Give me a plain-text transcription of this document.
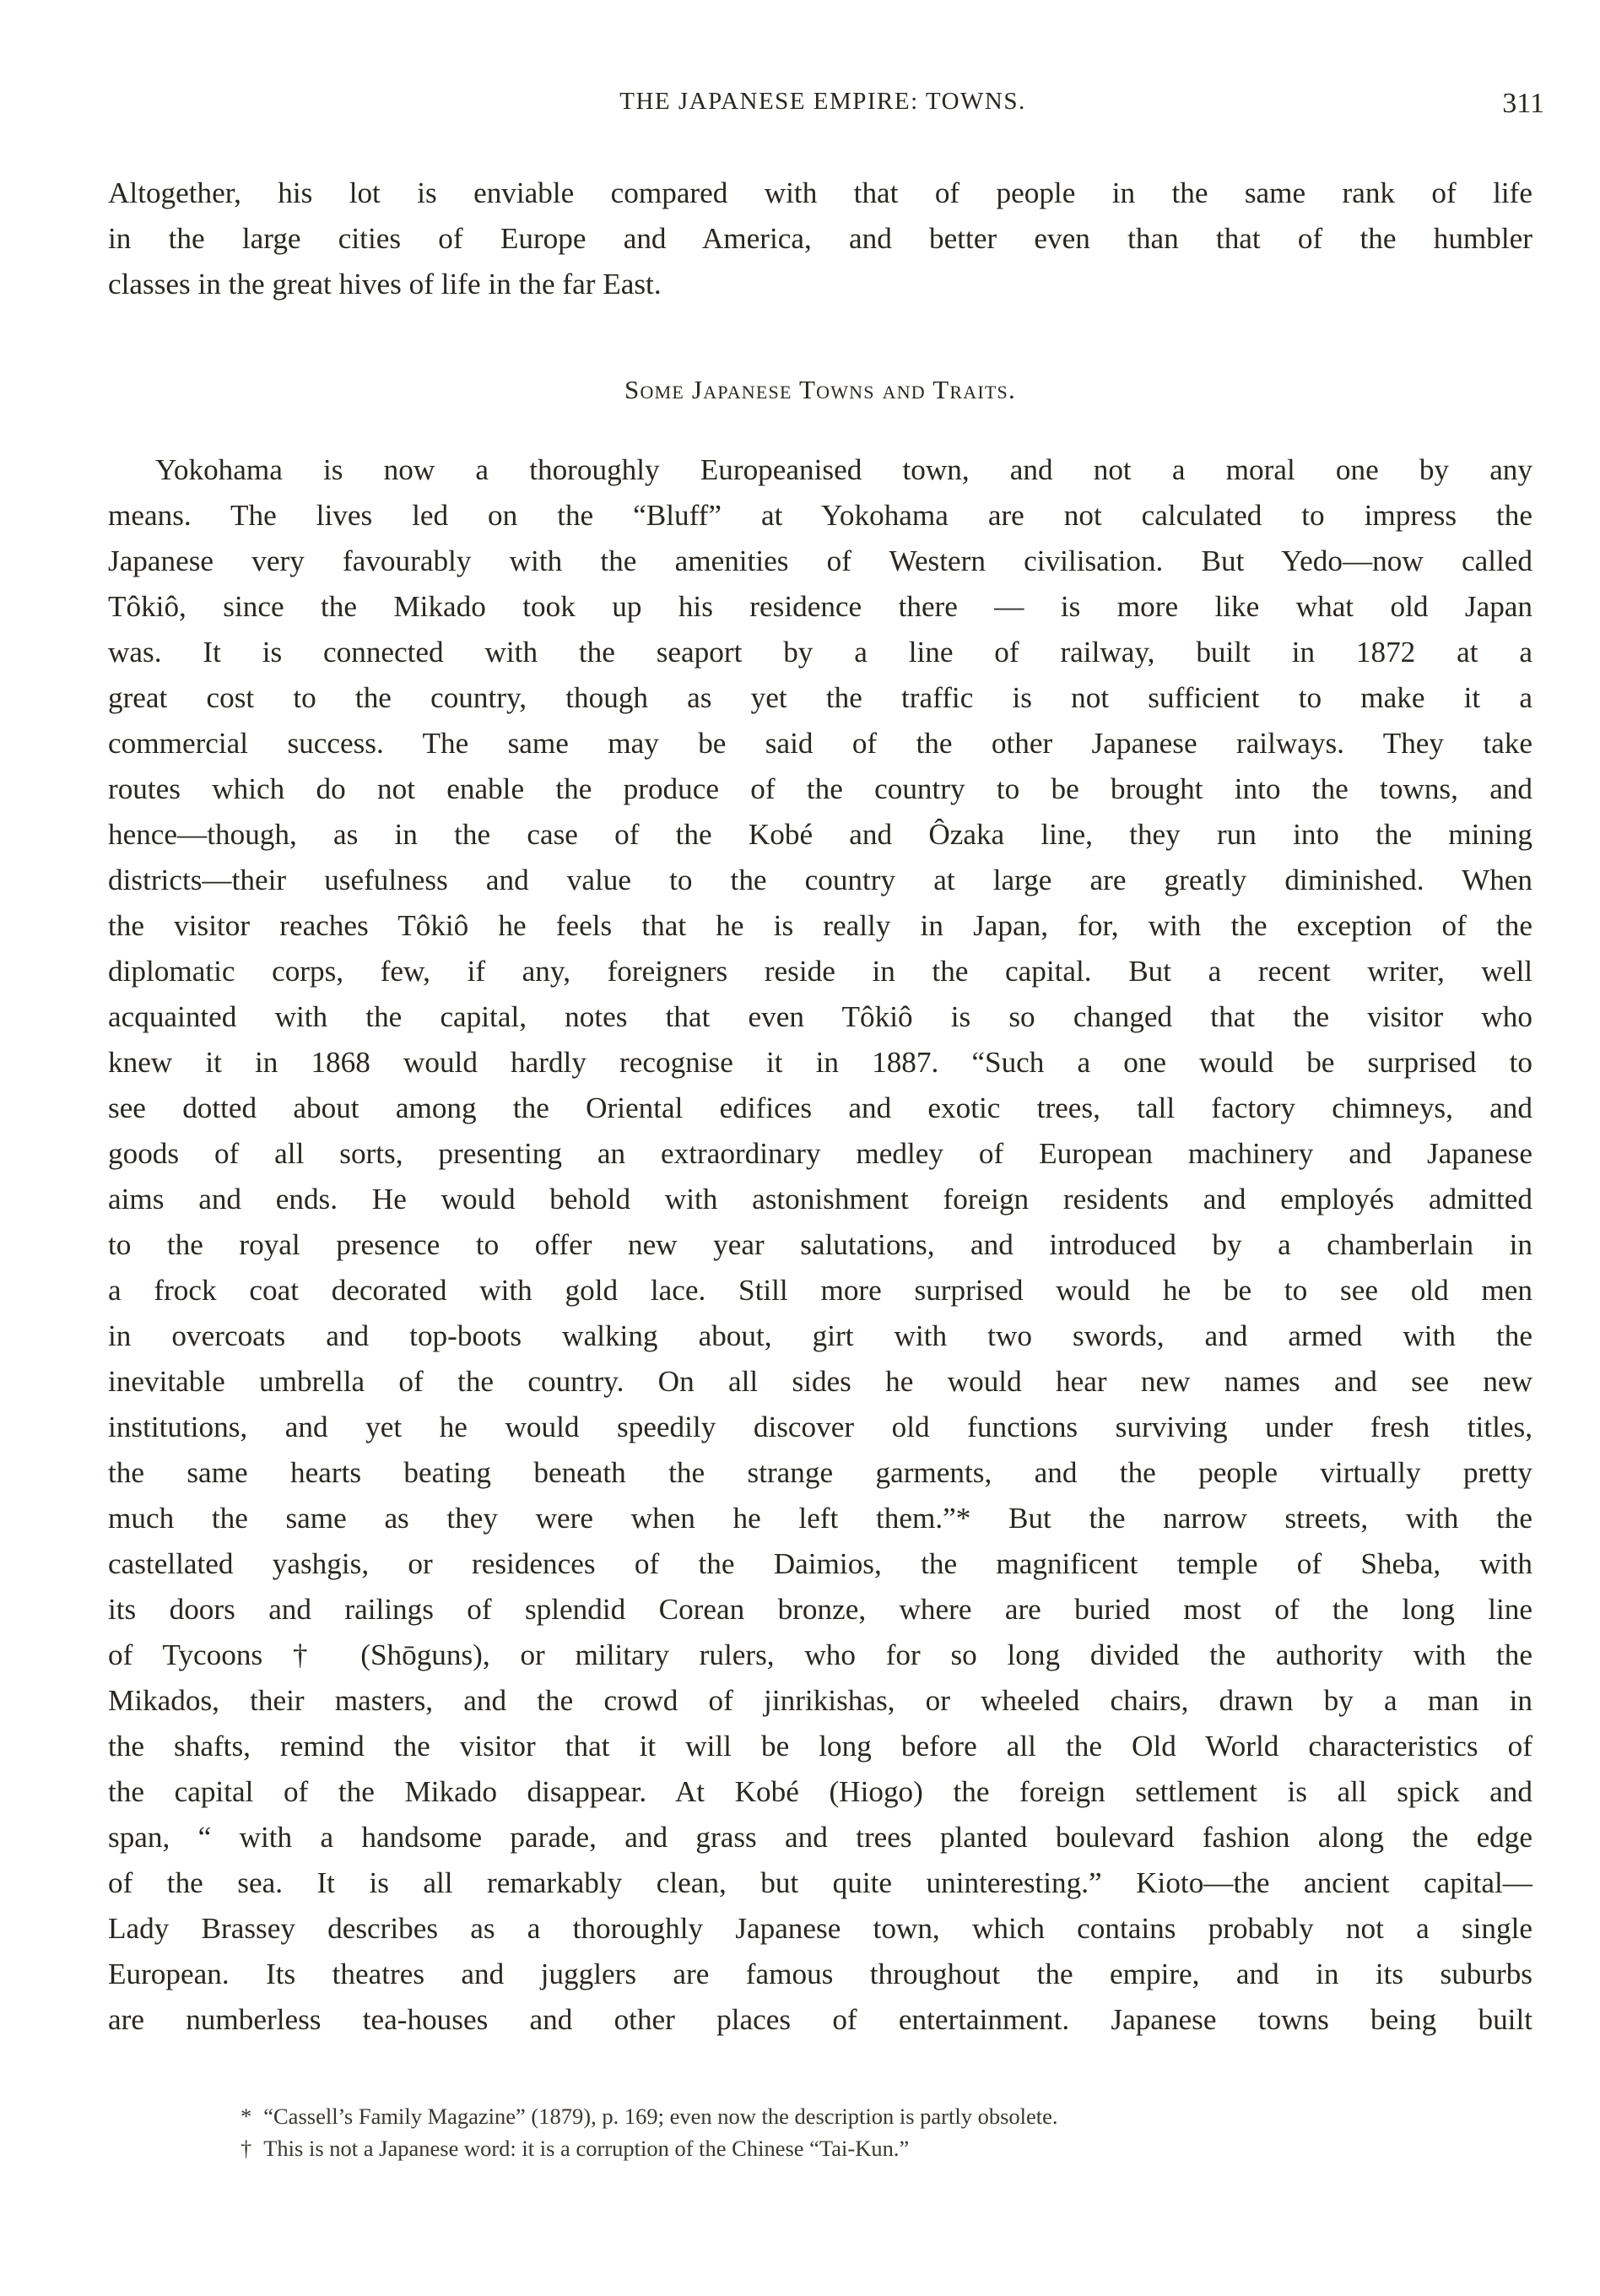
THE JAPANESE EMPIRE: TOWNS.	311
Altogether, his lot is enviable compared with that of people in the same rank of life
in the large cities of Europe and America, and better even than that of the humbler
classes in the great hives of life in the far East.
Some Japanese Towns and Traits.
Yokohama is now a thoroughly Europeanised town, and not a moral one by any
means. The lives led on the “Bluff” at Yokohama are not calculated to impress the
Japanese very favourably with the amenities of Western civilisation. But Yedo—now called
Tôkiô, since the Mikado took up his residence there — is more like what old Japan
was. It is connected with the seaport by a line of railway, built in 1872 at a
great cost to the country, though as yet the traffic is not sufficient to make it a
commercial success. The same may be said of the other Japanese railways. They take
routes which do not enable the produce of the country to be brought into the towns, and
hence—though, as in the case of the Kobé and Ôzaka line, they run into the mining
districts—their usefulness and value to the country at large are greatly diminished. When
the visitor reaches Tôkiô he feels that he is really in Japan, for, with the exception of the
diplomatic corps, few, if any, foreigners reside in the capital. But a recent writer, well
acquainted with the capital, notes that even Tôkiô is so changed that the visitor who
knew it in 1868 would hardly recognise it in 1887. “Such a one would be surprised to
see dotted about among the Oriental edifices and exotic trees, tall factory chimneys, and
goods of all sorts, presenting an extraordinary medley of European machinery and Japanese
aims and ends. He would behold with astonishment foreign residents and employés admitted
to the royal presence to offer new year salutations, and introduced by a chamberlain in
a frock coat decorated with gold lace. Still more surprised would he be to see old men
in overcoats and top-boots walking about, girt with two swords, and armed with the
inevitable umbrella of the country. On all sides he would hear new names and see new
institutions, and yet he would speedily discover old functions surviving under fresh titles,
the same hearts beating beneath the strange garments, and the people virtually pretty
much the same as they were when he left them.”* But the narrow streets, with the
castellated yashgis, or residences of the Daimios, the magnificent temple of Sheba, with
its doors and railings of splendid Corean bronze, where are buried most of the long line
of Tycoons † (Shōguns), or military rulers, who for so long divided the authority with the
Mikados, their masters, and the crowd of jinrikishas, or wheeled chairs, drawn by a man in
the shafts, remind the visitor that it will be long before all the Old World characteristics of
the capital of the Mikado disappear. At Kobé (Hiogo) the foreign settlement is all spick and
span, “ with a handsome parade, and grass and trees planted boulevard fashion along the edge
of the sea. It is all remarkably clean, but quite uninteresting.” Kioto—the ancient capital—
Lady Brassey describes as a thoroughly Japanese town, which contains probably not a single
European. Its theatres and jugglers are famous throughout the empire, and in its suburbs
are numberless tea-houses and other places of entertainment. Japanese towns being built
* “Cassell’s Family Magazine” (1879), p. 169; even now the description is partly obsolete.
† This is not a Japanese word: it is a corruption of the Chinese “Tai-Kun.”
